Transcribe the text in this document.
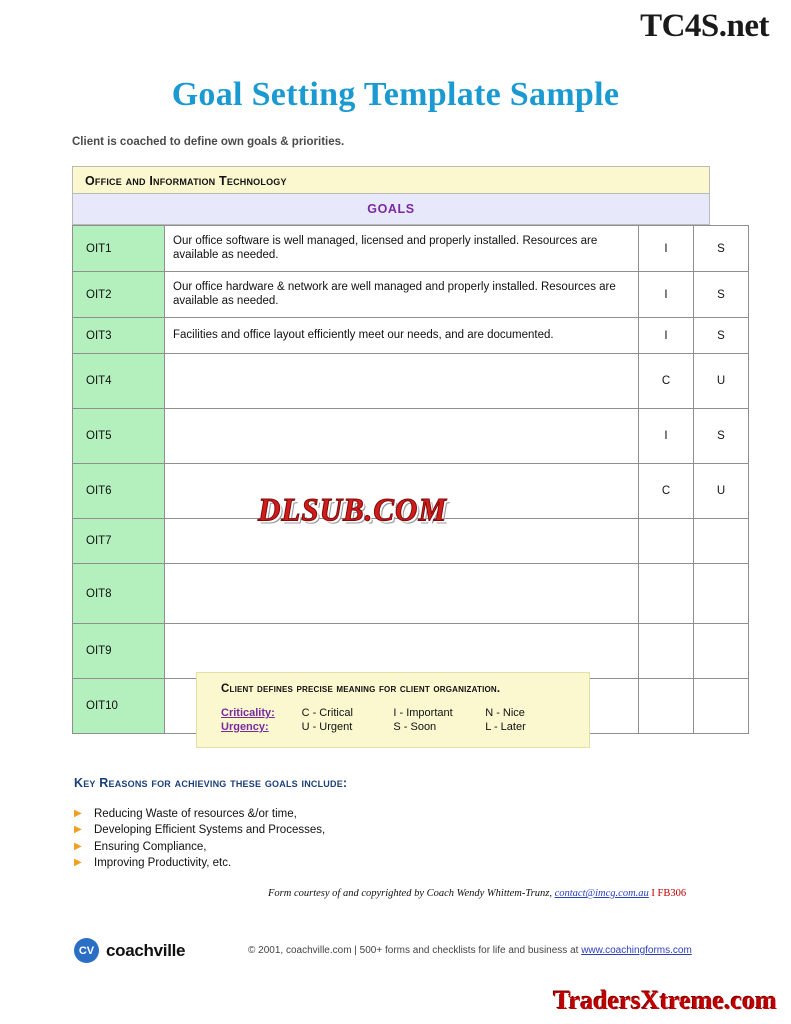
TC4S.net
Goal Setting Template Sample
Client is coached to define own goals & priorities.
Office and Information Technology
GOALS
OIT1	Our office software is well managed, licensed and properly installed. Resources are available as needed.	I	S
OIT2	Our office hardware & network are well managed and properly installed. Resources are available as needed.	I	S
OIT3	Facilities and office layout efficiently meet our needs, and are documented.	I	S
OIT4		C	U
OIT5		I	S
OIT6		C	U
OIT7			
OIT8			
OIT9			
OIT10			
DLSUB.COM
Client defines precise meaning for client organization.
Criticality:	C - Critical	I - Important	N - Nice
Urgency:	U - Urgent	S - Soon	L - Later
Key Reasons for achieving these goals include:
▶	Reducing Waste of resources &/or time,
▶	Developing Efficient Systems and Processes,
▶	Ensuring Compliance,
▶	Improving Productivity, etc.
Form courtesy of and copyrighted by Coach Wendy Whittem-Trunz, contact@imcg.com.au I FB306
CV coachville	© 2001, coachville.com | 500+ forms and checklists for life and business at www.coachingforms.com
TradersXtreme.com
